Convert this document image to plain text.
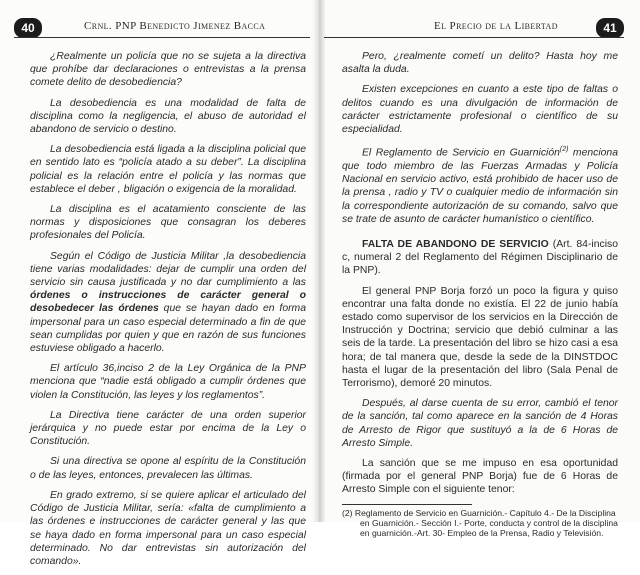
40	Crnl. PNP Benedicto Jimenez Bacca

¿Realmente un policía que no se sujeta a la directiva que prohíbe dar declaraciones o entrevistas a la prensa comete delito de desobediencia?

La desobediencia es una modalidad de falta de disciplina como la negligencia, el abuso de autoridad el abandono de servicio o destino.

La desobediencia está ligada a la disciplina policial que en sentido lato es “policía atado a su deber”. La disciplina policial es la relación entre el policía y las normas que establece el deber , bligación o exigencia de la moralidad.

La disciplina es el acatamiento consciente de las normas y disposiciones que consagran los deberes profesionales del Policía.

Según el Código de Justicia Militar ,la desobediencia tiene varias modalidades: dejar de cumplir una orden del servicio sin causa justificada y no dar cumplimiento a las órdenes o instrucciones de carácter general o desobedecer las órdenes que se hayan dado en forma impersonal para un caso especial determinado a fin de que sean cumplidas por quien y que en razón de sus funciones estuviese obligado a hacerlo.

El artículo 36,inciso 2 de la Ley Orgánica de la PNP menciona que “nadie está obligado a cumplir órdenes que violen la Constitución, las leyes y los reglamentos”.

La Directiva tiene carácter de una orden superior jerárquica y no puede estar por encima de la Ley o Constitución.

Si una directiva se opone al espíritu de la Constitución o de las leyes, entonces, prevalecen las últimas.

En grado extremo, si se quiere aplicar el articulado del Código de Justicia Militar, sería: «falta de cumplimiento a las órdenes e instrucciones de carácter general y las que se haya dado en forma impersonal para un caso especial determinado. No dar entrevistas sin autorización del comando».

El Precio de la Libertad	41

Pero, ¿realmente cometí un delito? Hasta hoy me asalta la duda.

Existen excepciones en cuanto a este tipo de faltas o delitos cuando es una divulgación de información de carácter estrictamente profesional o científico de su especialidad.

El Reglamento de Servicio en Guarnición$^{(2)}$ menciona que todo miembro de las Fuerzas Armadas y Policía Nacional en servicio activo, está prohibido de hacer uso de la prensa , radio y TV o cualquier medio de información sin la correspondiente autorización de su comando, salvo que se trate de asunto de carácter humanístico o científico.

FALTA DE ABANDONO DE SERVICIO (Art. 84-inciso c, numeral 2 del Reglamento del Régimen Disciplinario de la PNP).

El general PNP Borja forzó un poco la figura y quiso encontrar una falta donde no existía. El 22 de junio había estado como supervisor de los servicios en la Dirección de Instrucción y Doctrina; servicio que debió culminar a las seis de la tarde. La presentación del libro se hizo casi a esa hora; de tal manera que, desde la sede de la DINSTDOC hasta el lugar de la presentación del libro (Sala Penal de Terrorismo), demoré 20 minutos.

Después, al darse cuenta de su error, cambió el tenor de la sanción, tal como aparece en la sanción de 4 Horas de Arresto de Rigor que sustituyó a la de 6 Horas de Arresto Simple.

La sanción que se me impuso en esa oportunidad (firmada por el general PNP Borja) fue de 6 Horas de Arresto Simple con el siguiente tenor:

(2) Reglamento de Servicio en Guarnición.- Capítulo 4.- De la Disciplina en Guarnición.- Sección I.- Porte, conducta y control de la disciplina en guarnición.-Art. 30- Empleo de la Prensa, Radio y Televisión.
